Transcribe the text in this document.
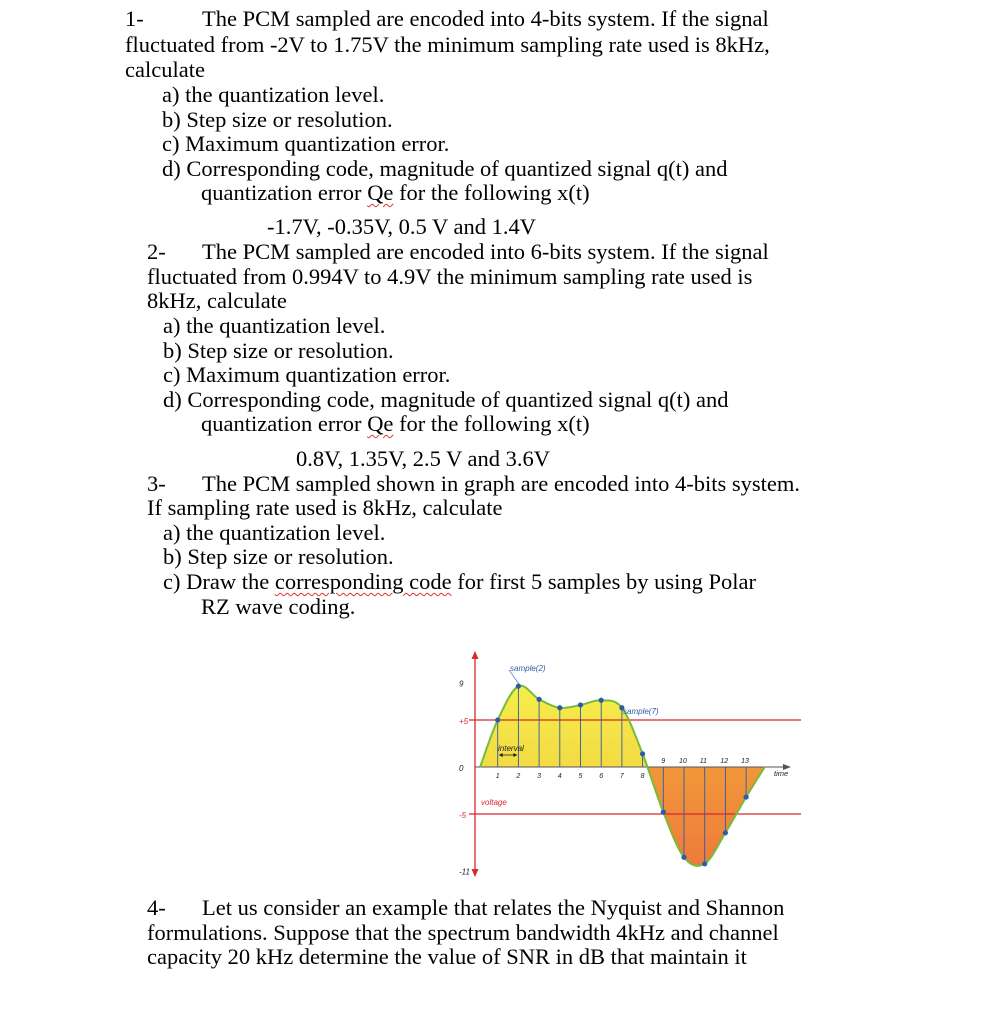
1-	The PCM sampled are encoded into 4-bits system. If the signal
fluctuated from -2V to 1.75V the minimum sampling rate used is 8kHz,
calculate
a) the quantization level.
b) Step size or resolution.
c) Maximum quantization error.
d) Corresponding code, magnitude of quantized signal q(t) and
quantization error Qe for the following x(t)
-1.7V, -0.35V, 0.5 V and 1.4V
2- The PCM sampled are encoded into 6-bits system. If the signal
fluctuated from 0.994V to 4.9V the minimum sampling rate used is
8kHz, calculate
a) the quantization level.
b) Step size or resolution.
c) Maximum quantization error.
d) Corresponding code, magnitude of quantized signal q(t) and
quantization error Qe for the following x(t)
0.8V, 1.35V, 2.5 V and 3.6V
3- The PCM sampled shown in graph are encoded into 4-bits system.
If sampling rate used is 8kHz, calculate
a) the quantization level.
b) Step size or resolution.
c) Draw the corresponding code for first 5 samples by using Polar
RZ wave coding.
9
+5
0
-5
-11
1 2 3 4 5 6 7 8
9 10 11 12 13
sample(2)
sample(7)
interval
voltage
time
4- Let us consider an example that relates the Nyquist and Shannon
formulations. Suppose that the spectrum bandwidth 4kHz and channel
capacity 20 kHz determine the value of SNR in dB that maintain it
